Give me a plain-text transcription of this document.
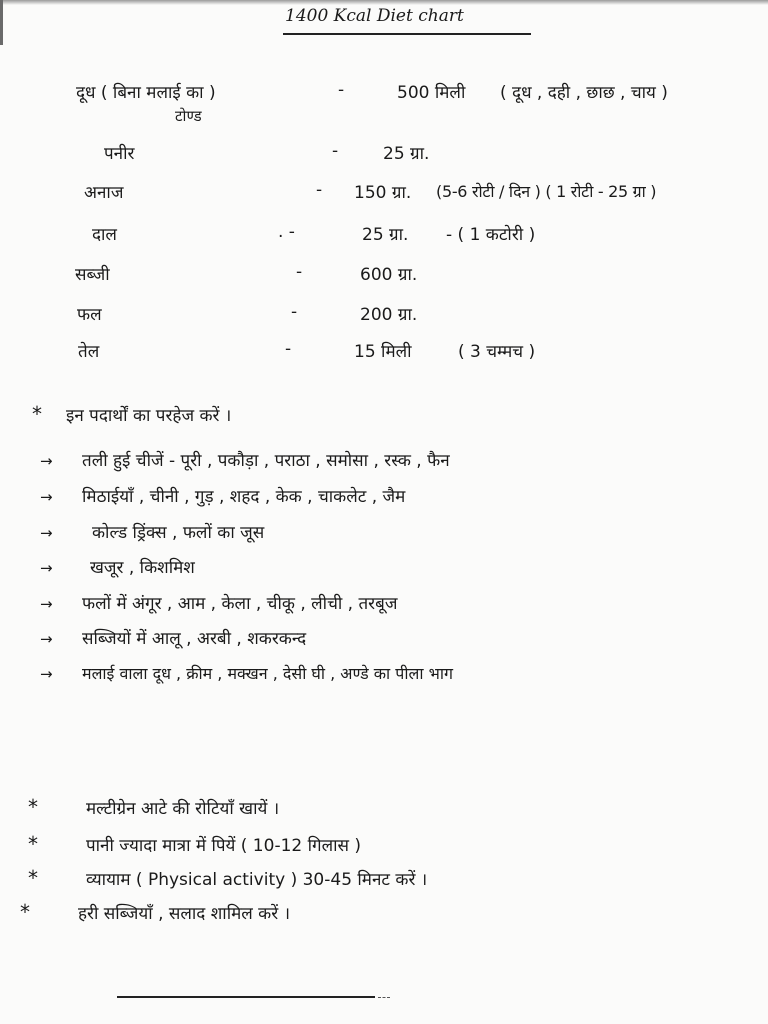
1400 Kcal Diet chart
दूध ( बिना मलाई का )	-	500 मिली ( दूध , दही , छाछ , चाय )
टोण्ड
पनीर	-	25 ग्रा.
अनाज	- 150 ग्रा. (5-6 रोटी / दिन ) ( 1 रोटी - 25 ग्रा )
दाल	. -	25 ग्रा. - ( 1 कटोरी )
सब्जी	-	600 ग्रा.
फल	-	200 ग्रा.
तेल	-	15 मिली	( 3 चम्मच )
* इन पदार्थों का परहेज करें ।
→ तली हुई चीजें - पूरी , पकौड़ा , पराठा , समोसा , रस्क , फैन
→ मिठाईयाँ , चीनी , गुड़ , शहद , केक , चाकलेट , जैम
→ कोल्ड ड्रिंक्स , फलों का जूस
→ खजूर , किशमिश
→ फलों में अंगूर , आम , केला , चीकू , लीची , तरबूज
→ सब्जियों में आलू , अरबी , शकरकन्द
→ मलाई वाला दूध , क्रीम , मक्खन , देसी घी , अण्डे का पीला भाग
*	मल्टीग्रेन आटे की रोटियाँ खायें ।
*	पानी ज्यादा मात्रा में पियें ( 10-12 गिलास )
*	व्यायाम ( Physical activity ) 30-45 मिनट करें ।
*	हरी सब्जियाँ , सलाद शामिल करें ।
